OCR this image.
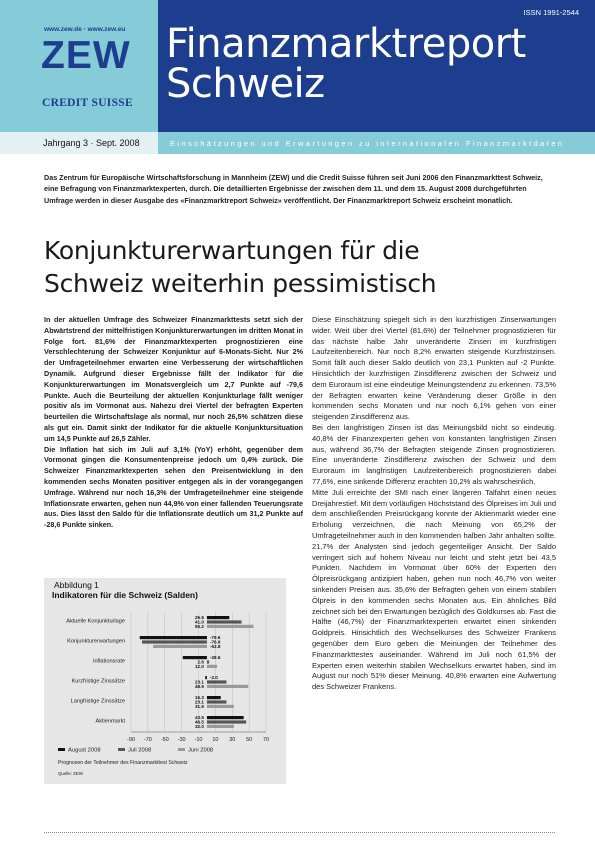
www.zew.de · www.zew.eu
ZEW
CREDIT SUISSE
ISSN 1991-2544
Finanzmarktreport
Schweiz
Jahrgang 3 · Sept. 2008	Einschätzungen und Erwartungen zu internationalen Finanzmarktdaten
Das Zentrum für Europäische Wirtschaftsforschung in Mannheim (ZEW) und die Credit Suisse führen seit Juni 2006 den Finanzmarkttest Schweiz, eine Befragung von Finanzmarktexperten, durch. Die detaillierten Ergebnisse der zwischen dem 11. und dem 15. August 2008 durchgeführten Umfrage werden in dieser Ausgabe des «Finanzmarktreport Schweiz» veröffentlicht. Der Finanzmarktreport Schweiz erscheint monatlich.
Konjunkturerwartungen für die
Schweiz weiterhin pessimistisch

In der aktuellen Umfrage des Schweizer Finanzmarkttests setzt sich der Abwärtstrend der mittelfristigen Konjunkturerwartungen im dritten Monat in Folge fort. 81,6% der Finanzmarktexperten prognostizieren eine Verschlechterung der Schweizer Konjunktur auf 6-Monats-Sicht. Nur 2% der Umfrageteilnehmer erwarten eine Verbesserung der wirtschaftlichen Dynamik. Aufgrund dieser Ergebnisse fällt der Indikator für die Konjunkturerwartungen im Monatsvergleich um 2,7 Punkte auf -79,6 Punkte. Auch die Beurteilung der aktuellen Konjunkturlage fällt weniger positiv als im Vormonat aus. Nahezu drei Viertel der befragten Experten beurteilen die Wirtschaftslage als normal, nur noch 26,5% schätzen diese als gut ein. Damit sinkt der Indikator für die aktuelle Konjunktursituation um 14,5 Punkte auf 26,5 Zähler.

Die Inflation hat sich im Juli auf 3,1% (YoY) erhöht, gegenüber dem Vormonat gingen die Konsumentenpreise jedoch um 0,4% zurück. Die Schweizer Finanzmarktexperten sehen den Preisentwicklung in den kommenden sechs Monaten positiver entgegen als in der vorangegangen Umfrage. Während nur noch 16,3% der Umfrageteilnehmer eine steigende Inflationsrate erwarten, gehen nun 44,9% von einer fallenden Teuerungsrate aus. Dies lässt den Saldo für die Inflationsrate deutlich um 31,2 Punkte auf -28,6 Punkte sinken.

Diese Einschätzung spiegelt sich in den kurzfristigen Zinserwartungen wider. Weit über drei Viertel (81,6%) der Teilnehmer prognostizieren für das nächste halbe Jahr unveränderte Zinsen im kurzfristigen Laufzeitenbereich. Nur noch 8,2% erwarten steigende Kurzfristzinsen. Somit fällt auch dieser Saldo deutlich von 23,1 Punkten auf -2 Punkte. Hinsichtlich der kurzfristigen Zinsdifferenz zwischen der Schweiz und dem Euroraum ist eine eindeutige Meinungstendenz zu erkennen. 73,5% der Befragten erwarten keine Veränderung dieser Größe in den kommenden sechs Monaten und nur noch 6,1% gehen von einer steigenden Zinsdifferenz aus.

Bei den langfristigen Zinsen ist das Meinungsbild nicht so eindeutig. 40,8% der Finanzexperten gehen von konstanten langfristigen Zinsen aus, während 36,7% der Befragten steigende Zinsen prognostizieren. Eine unveränderte Zinsdifferenz zwischen der Schweiz und dem Euroraum im langfristigen Laufzeitenbereich prognostizieren dabei 77,6%, eine sinkende Differenz erachten 10,2% als wahrscheinlich.

Mitte Juli erreichte der SMI nach einer längeren Talfahrt einen neues Dreijahrestief. Mit dem vorläufigen Höchststand des Ölpreises im Juli und dem anschließenden Preisrückgang konnte der Aktienmarkt wieder eine Erholung verzeichnen, die nach Meinung von 65,2% der Umfrageteilnehmer auch in den kommenden halben Jahr anhalten sollte. 21,7% der Analysten sind jedoch gegenteiliger Ansicht. Der Saldo verringert sich auf hohem Niveau nur leicht und steht jetzt bei 43,5 Punkten. Nachdem im Vormonat über 60% der Experten den Ölpreisrückgang antizipiert haben, gehen nun noch 46,7% von weiter sinkenden Preisen aus. 35,6% der Befragten gehen von einem stabilen Ölpreis in den kommenden sechs Monaten aus. Ein ähnliches Bild zeichnet sich bei den Erwartungen bezüglich des Goldkurses ab. Fast die Hälfte (46,7%) der Finanzmarktexperten erwartet einen sinkenden Goldpreis. Hinsichtlich des Wechselkurses des Schweizer Frankens gegenüber dem Euro geben die Meinungen der Teilnehmer des Finanzmarkttestes auseinander. Während im Juli noch 61,5% der Experten einen weiterhin stabilen Wechselkurs erwartet haben, sind im August nur noch 51% dieser Meinung. 40,8% erwarten eine Aufwertung des Schweizer Frankens.

Abbildung 1
Indikatoren für die Schweiz (Salden)
-90 -70 -50 -30 -10 10 30 50 70
Aktuelle Konjunkturlage
26.5
41.0
55.2
Konjunkturerwartungen
-79.6
-76.9
-63.8
Inflationsrate
-28.6
2.6
12.0
Kurzfristige Zinssätze
-2.0
23.1
48.9
Langfristige Zinssätze
16.3
23.1
31.9
Aktienmarkt
43.5
46.5
32.0
August 2008	Juli 2008	Juni 2008
Prognosen der Teilnehmer des Finanzmarkttest Schweiz
Quelle: ZEW
